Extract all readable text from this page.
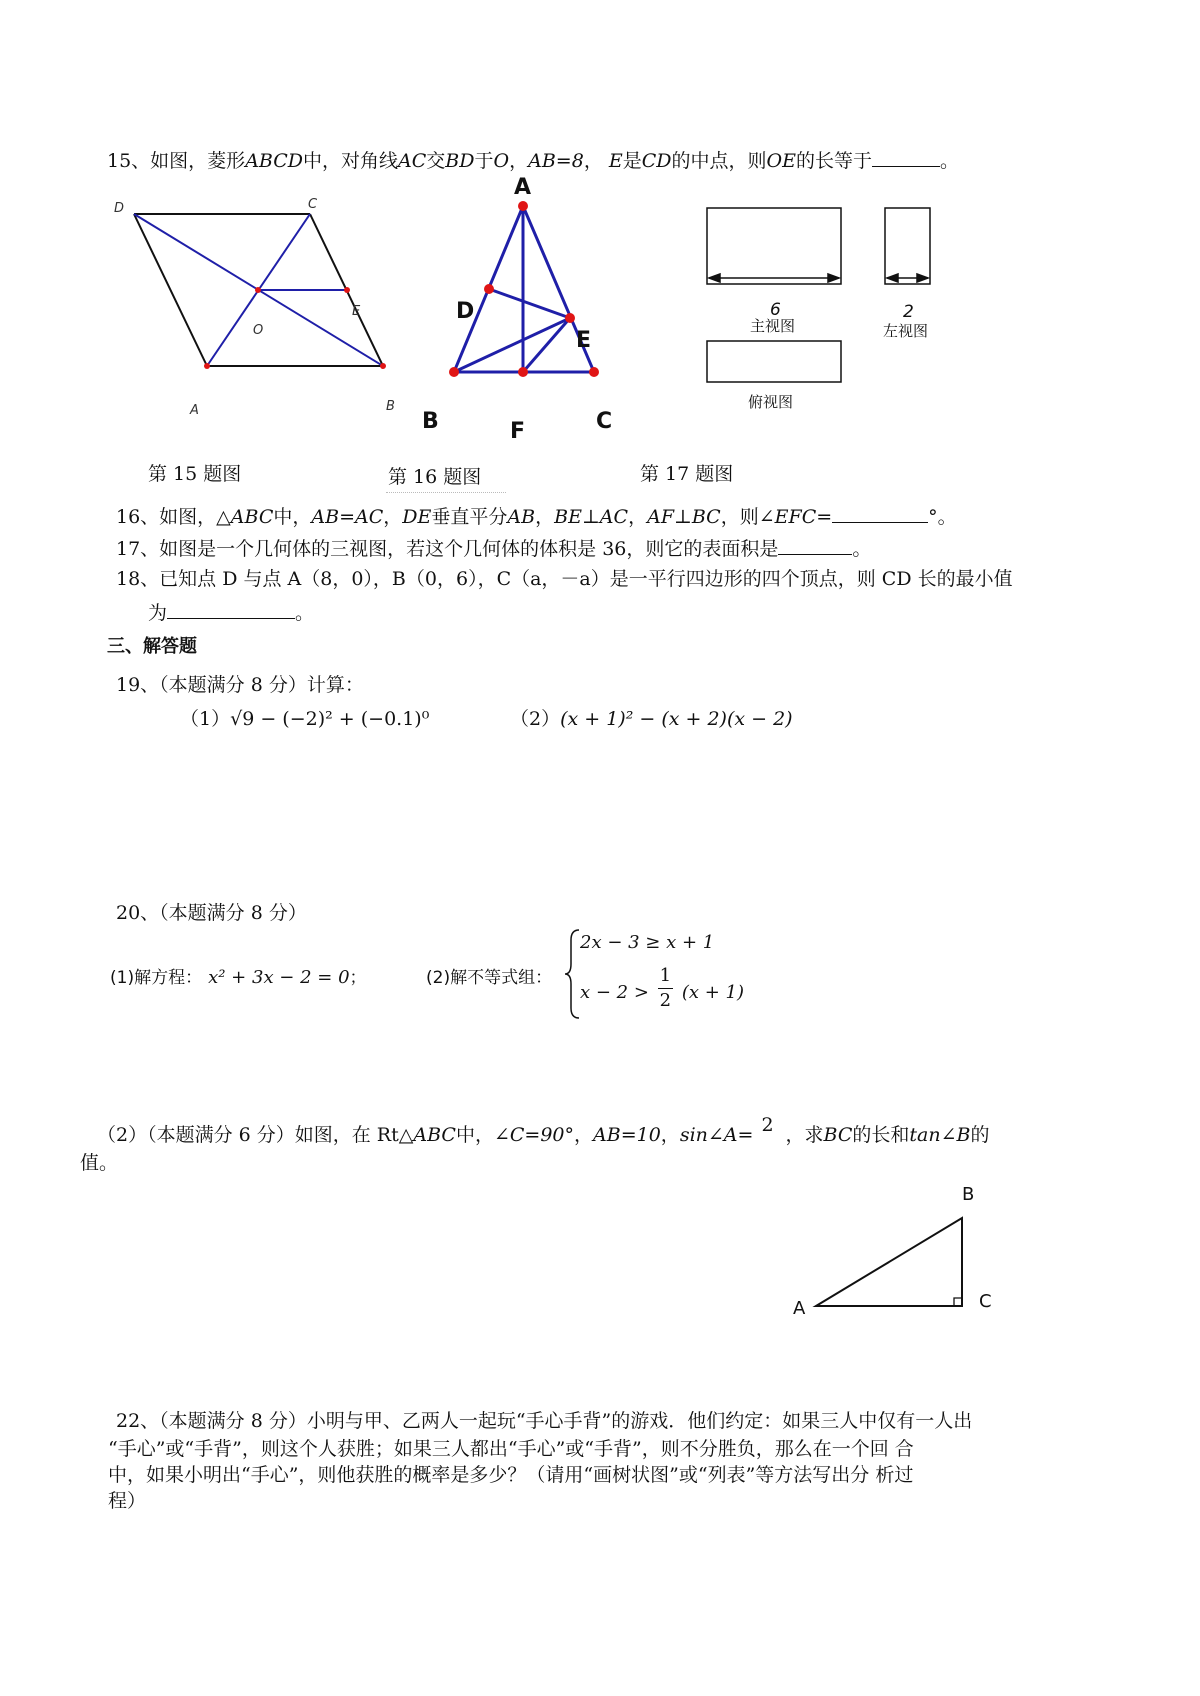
15、如图，菱形ABCD中，对角线AC交BD于O，AB=8， E是CD的中点，则OE的长等于	。
D	C
E
O
A	B
A
D
E
B	F	C
6
主视图
2
左视图
俯视图
第 15 题图	第 16 题图	第 17 题图
16、如图，△ABC中，AB=AC，DE垂直平分AB，BE⊥AC，AF⊥BC，则∠EFC=	°。
17、如图是一个几何体的三视图，若这个几何体的体积是 36，则它的表面积是	。
18、已知点 D 与点 A（8，0），B（0，6），C（a，－a）是一平行四边形的四个顶点，则 CD 长的最小值
为	。
三、解答题
19、（本题满分 8 分）计算：
（1）√9 − (−2)² + (−0.1)⁰	（2）(x + 1)² − (x + 2)(x − 2)
20、（本题满分 8 分）
(1)解方程： x² + 3x − 2 = 0；	(2)解不等式组：
2x − 3 ≥ x + 1
$x - 2 > \frac{1}{2} (x + 1)$
（2）（本题满分 6 分）如图，在 Rt△ABC中，∠C=90°，AB=10，sin∠A= 2 ，求BC的长和tan∠B的
值。
B
A	C
22、（本题满分 8 分）小明与甲、乙两人一起玩“手心手背”的游戏．他们约定：如果三人中仅有一人出
“手心”或“手背”，则这个人获胜；如果三人都出“手心”或“手背”，则不分胜负，那么在一个回 合
中，如果小明出“手心”，则他获胜的概率是多少？（请用“画树状图”或“列表”等方法写出分 析过
程）
